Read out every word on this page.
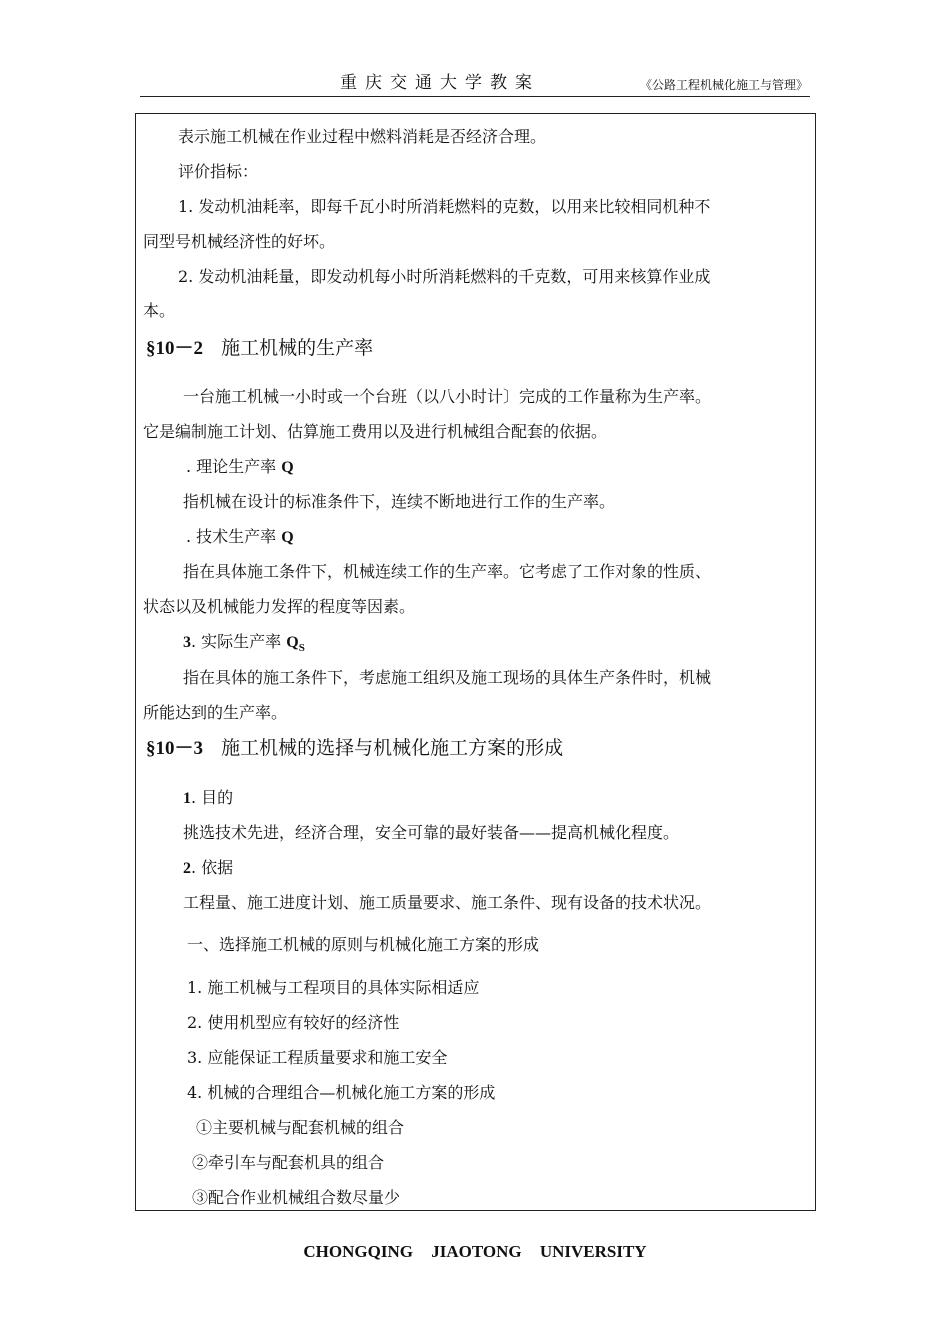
重庆交通大学教案	《公路工程机械化施工与管理》
表示施工机械在作业过程中燃料消耗是否经济合理。
评价指标：
1. 发动机油耗率，即每千瓦小时所消耗燃料的克数，以用来比较相同机种不
同型号机械经济性的好坏。
2. 发动机油耗量，即发动机每小时所消耗燃料的千克数，可用来核算作业成
本。
§10－2 施工机械的生产率
一台施工机械一小时或一个台班（以八小时计〕完成的工作量称为生产率。
它是编制施工计划、估算施工费用以及进行机械组合配套的依据。
. 理论生产率 Q
指机械在设计的标准条件下，连续不断地进行工作的生产率。
. 技术生产率 Q
指在具体施工条件下，机械连续工作的生产率。它考虑了工作对象的性质、
状态以及机械能力发挥的程度等因素。
3. 实际生产率 $Q_S$
指在具体的施工条件下，考虑施工组织及施工现场的具体生产条件时，机械
所能达到的生产率。
§10－3 施工机械的选择与机械化施工方案的形成
1. 目的
挑选技术先进，经济合理，安全可靠的最好装备——提高机械化程度。
2. 依据
工程量、施工进度计划、施工质量要求、施工条件、现有设备的技术状况。
一、选择施工机械的原则与机械化施工方案的形成
1. 施工机械与工程项目的具体实际相适应
2. 使用机型应有较好的经济性
3. 应能保证工程质量要求和施工安全
4. 机械的合理组合—机械化施工方案的形成
①主要机械与配套机械的组合
②牵引车与配套机具的组合
③配合作业机械组合数尽量少
CHONGQING JIAOTONG UNIVERSITY
